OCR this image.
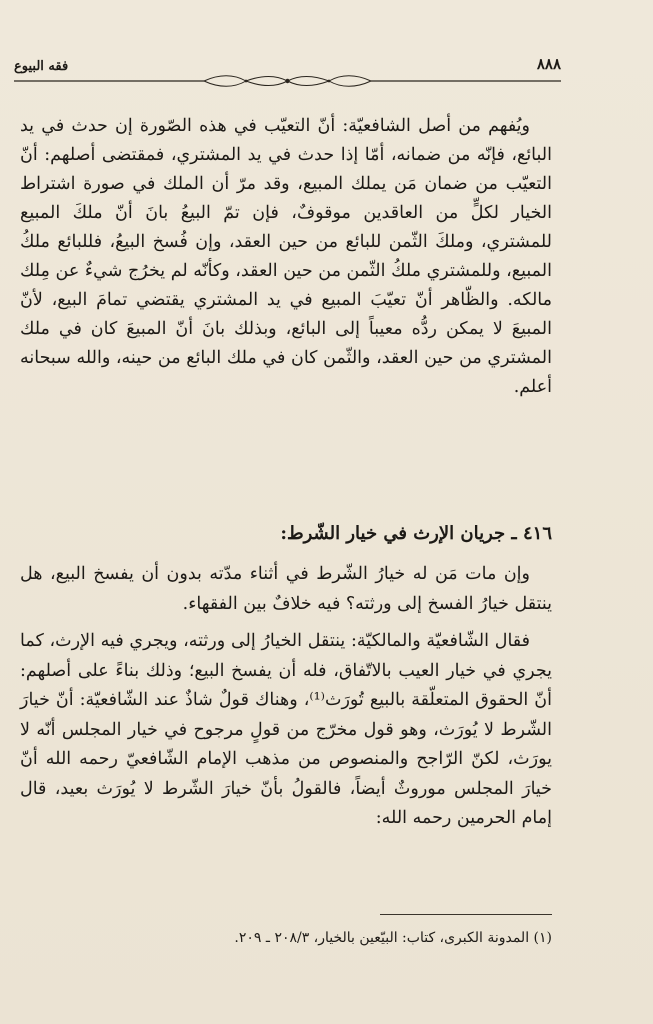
٨٨٨
فقه البيوع

ويُفهم من أصل الشافعيّة: أنّ التعيّب في هذه الصّورة إن حدث في يد البائع، فإنّه من ضمانه، أمّا إذا حدث في يد المشتري، فمقتضى أصلهم: أنّ التعيّب من ضمان مَن يملك المبيع، وقد مرّ أن الملك في صورة اشتراط الخيار لكلٍّ من العاقدين موقوفٌ، فإن تمّ البيعُ بانَ أنّ ملكَ المبيع للمشتري، وملكَ الثّمن للبائع من حين العقد، وإن فُسخ البيعُ، فللبائع ملكُ المبيع، وللمشتري ملكُ الثّمن من حين العقد، وكأنّه لم يخرُج شيءٌ عن مِلك مالكه. والظّاهر أنّ تعيّبَ المبيع في يد المشتري يقتضي تمامَ البيع، لأنّ المبيعَ لا يمكن ردُّه معيباً إلى البائع، وبذلك بانَ أنّ المبيعَ كان في ملك المشتري من حين العقد، والثّمن كان في ملك البائع من حينه، والله سبحانه أعلم.

٤١٦ ـ جريان الإرث في خيار الشّرط:

وإن مات مَن له خيارُ الشّرط في أثناء مدّته بدون أن يفسخ البيع، هل ينتقل خيارُ الفسخ إلى ورثته؟ فيه خلافٌ بين الفقهاء.

فقال الشّافعيّة والمالكيّة: ينتقل الخيارُ إلى ورثته، ويجري فيه الإرث، كما يجري في خيار العيب بالاتّفاق، فله أن يفسخ البيع؛ وذلك بناءً على أصلهم: أنّ الحقوق المتعلّقة بالبيع تُورَث⁽¹⁾، وهناك قولٌ شاذٌ عند الشّافعيّة: أنّ خيارَ الشّرط لا يُورَث، وهو قول مخرّج من قولٍ مرجوح في خيار المجلس أنّه لا يورَث، لكنّ الرّاجح والمنصوص من مذهب الإمام الشّافعيّ رحمه الله أنّ خيارَ المجلس موروثٌ أيضاً، فالقولُ بأنّ خيارَ الشّرط لا يُورَث بعيد، قال إمام الحرمين رحمه الله:

(١) المدونة الكبرى، كتاب: البيّعين بالخيار، ٢٠٨/٣ ـ ٢٠٩.
